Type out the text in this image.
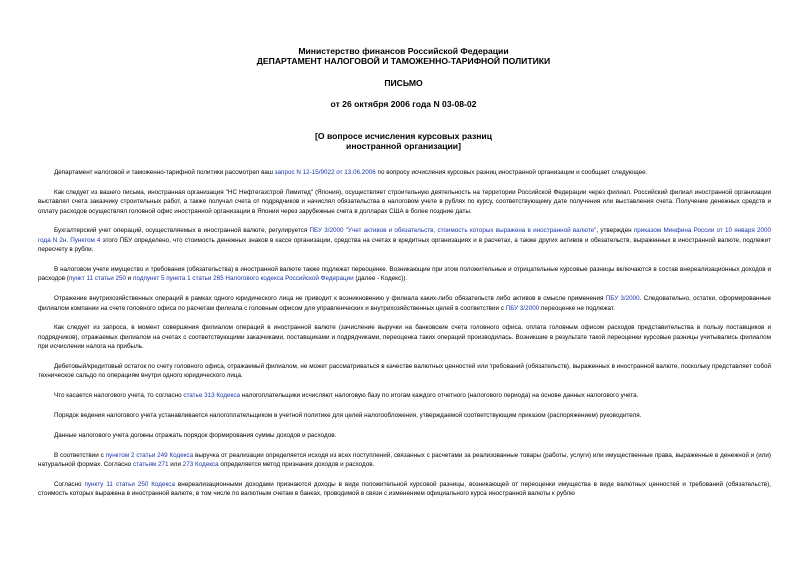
Министерство финансов Российской Федерации
ДЕПАРТАМЕНТ НАЛОГОВОЙ И ТАМОЖЕННО-ТАРИФНОЙ ПОЛИТИКИ
ПИСЬМО
от 26 октября 2006 года N 03-08-02
[О вопросе исчисления курсовых разниц
иностранной организации]

Департамент налоговой и таможенно-тарифной политики рассмотрел ваш запрос N 12-15/9022 от 13.06.2006 по вопросу исчисления курсовых разниц иностранной организации и сообщает следующее.

Как следует из вашего письма, иностранная организация "НС Нефтегазстрой Лимитед" (Япония), осуществляет строительную деятельность на территории Российской Федерации через филиал. Российский филиал иностранной организации выставлял счета заказчику строительных работ, а также получал счета от подрядчиков и начислял обязательства в налоговом учете в рублях по курсу, соответствующему дате получения или выставления счета. Получение денежных средств и оплату расходов осуществлял головной офис иностранной организации в Японии через зарубежные счета в долларах США в более поздние даты.

Бухгалтерский учет операций, осуществляемых в иностранной валюте, регулируется ПБУ 3/2000 "Учет активов и обязательств, стоимость которых выражена в иностранной валюте", утвержден приказом Минфина России от 10 января 2000 года N 2н. Пунктом 4 этого ПБУ определено, что стоимость денежных знаков в кассе организации, средства на счетах в кредитных организациях и в расчетах, а также других активов и обязательств, выраженных в иностранной валюте, подлежит пересчету в рубли.

В налоговом учете имущество и требования (обязательства) в иностранной валюте также подлежат переоценке. Возникающие при этом положительные и отрицательные курсовые разницы включаются в состав внереализационных доходов и расходов (пункт 11 статьи 250 и подпункт 5 пункта 1 статьи 265 Налогового кодекса Российской Федерации (далее - Кодекс)).

Отражение внутрихозяйственных операций в рамках одного юридического лица не приводит к возникновению у филиала каких-либо обязательств либо активов в смысле применения ПБУ 3/2000. Следовательно, остатки, сформированные филиалом компании на счете головного офиса по расчетам филиала с головным офисом для управленческих и внутрихозяйственных целей в соответствии с ПБУ 3/2000 переоценке не подлежат.

Как следует из запроса, в момент совершения филиалом операций в иностранной валюте (зачисление выручки на банковские счета головного офиса, оплата головным офисом расходов представительства в пользу поставщиков и подрядчиков), отражаемых филиалом на счетах с соответствующими заказчиками, поставщиками и подрядчиками, переоценка таких операций производилась. Возникшие в результате такой переоценки курсовые разницы учитывались филиалом при исчислении налога на прибыль.

Дебетовый/кредитовый остаток по счету головного офиса, отражаемый филиалом, не может рассматриваться в качестве валютных ценностей или требований (обязательств), выраженных в иностранной валюте, поскольку представляет собой техническое сальдо по операциям внутри одного юридического лица.

Что касается налогового учета, то согласно статье 313 Кодекса налогоплательщики исчисляют налоговую базу по итогам каждого отчетного (налогового периода) на основе данных налогового учета.

Порядок ведения налогового учета устанавливается налогоплательщиком в учетной политике для целей налогообложения, утверждаемой соответствующим приказом (распоряжением) руководителя.

Данные налогового учета должны отражать порядок формирования суммы доходов и расходов.

В соответствии с пунктом 2 статьи 249 Кодекса выручка от реализации определяется исходя из всех поступлений, связанных с расчетами за реализованные товары (работы, услуги) или имущественные права, выраженные в денежной и (или) натуральной формах. Согласно статьям 271 или 273 Кодекса определяется метод признания доходов и расходов.

Согласно пункту 11 статьи 250 Кодекса внереализационными доходами признаются доходы в виде положительной курсовой разницы, возникающей от переоценки имущества в виде валютных ценностей и требований (обязательств), стоимость которых выражена в иностранной валюте, в том числе по валютным счетам в банках, проводимой в связи с изменением официального курса иностранной валюты к рублю
